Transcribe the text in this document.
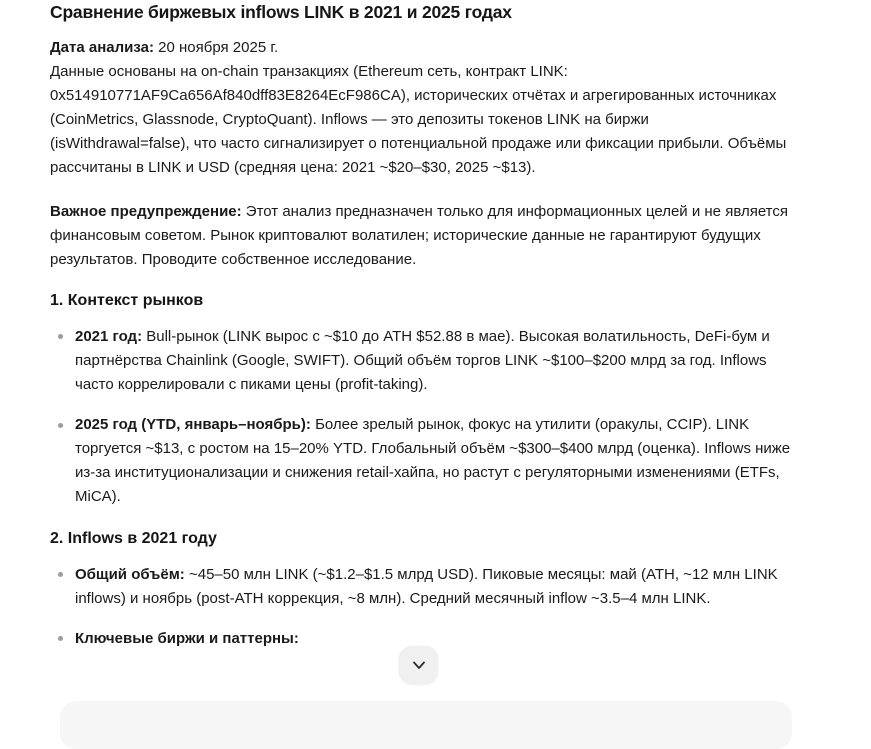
Сравнение биржевых inflows LINK в 2021 и 2025 годах

Дата анализа: 20 ноября 2025 г.
Данные основаны на on-chain транзакциях (Ethereum сеть, контракт LINK: 0x514910771AF9Ca656Af840dff83E8264EcF986CA), исторических отчётах и агрегированных источниках (CoinMetrics, Glassnode, CryptoQuant). Inflows — это депозиты токенов LINK на биржи (isWithdrawal=false), что часто сигнализирует о потенциальной продаже или фиксации прибыли. Объёмы рассчитаны в LINK и USD (средняя цена: 2021 ~$20–$30, 2025 ~$13).

Важное предупреждение: Этот анализ предназначен только для информационных целей и не является финансовым советом. Рынок криптовалют волатилен; исторические данные не гарантируют будущих результатов. Проводите собственное исследование.

1. Контекст рынков
2021 год: Bull-рынок (LINK вырос с ~$10 до ATH $52.88 в мае). Высокая волатильность, DeFi-бум и партнёрства Chainlink (Google, SWIFT). Общий объём торгов LINK ~$100–$200 млрд за год. Inflows часто коррелировали с пиками цены (profit-taking).
2025 год (YTD, январь–ноябрь): Более зрелый рынок, фокус на утилити (оракулы, CCIP). LINK торгуется ~$13, с ростом на 15–20% YTD. Глобальный объём ~$300–$400 млрд (оценка). Inflows ниже из-за институционализации и снижения retail-хайпа, но растут с регуляторными изменениями (ETFs, MiCA).
2. Inflows в 2021 году
Общий объём: ~45–50 млн LINK (~$1.2–$1.5 млрд USD). Пиковые месяцы: май (ATH, ~12 млн LINK inflows) и ноябрь (post-ATH коррекция, ~8 млн). Средний месячный inflow ~3.5–4 млн LINK.
Ключевые биржи и паттерны:
